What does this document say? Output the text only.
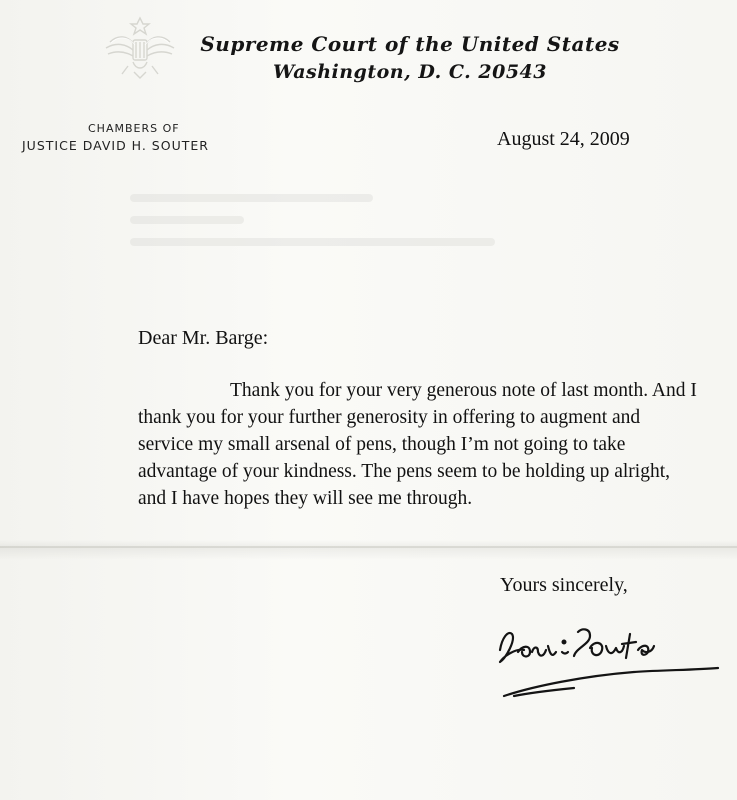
Supreme Court of the United States
Washington, D. C. 20543
CHAMBERS OF
JUSTICE DAVID H. SOUTER	August 24, 2009
Dear Mr. Barge:

Thank you for your very generous note of last month. And I thank you for your further generosity in offering to augment and service my small arsenal of pens, though I’m not going to take advantage of your kindness. The pens seem to be holding up alright, and I have hopes they will see me through.

Yours sincerely,
